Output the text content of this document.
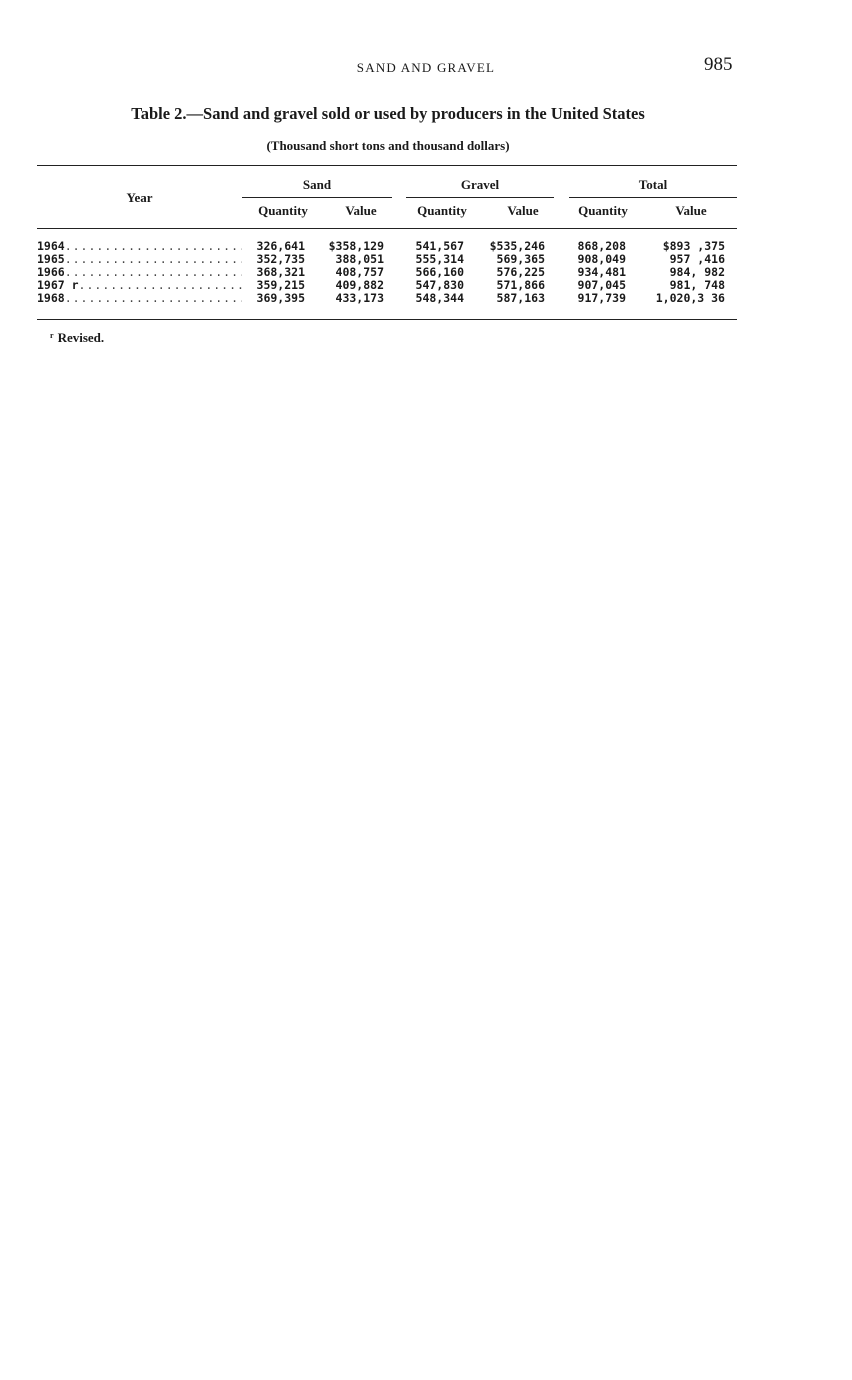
SAND AND GRAVEL	985
Table 2.—Sand and gravel sold or used by producers in the United States
(Thousand short tons and thousand dollars)
Year
Sand	Gravel	Total
Quantity	Value	Quantity	Value	Quantity	Value
1964 .....	326,641	$358,129	541,567	$535,246	868,208	$893 ,375
1965 .....	352,735	388,051	555,314	569,365	908,049	957 ,416
1966 .....	368,321	408,757	566,160	576,225	934,481	984, 982
1967 r .....	359,215	409,882	547,830	571,866	907,045	981, 748
1968 .....	369,395	433,173	548,344	587,163	917,739	1,020,3 36
$^r$ Revised.
